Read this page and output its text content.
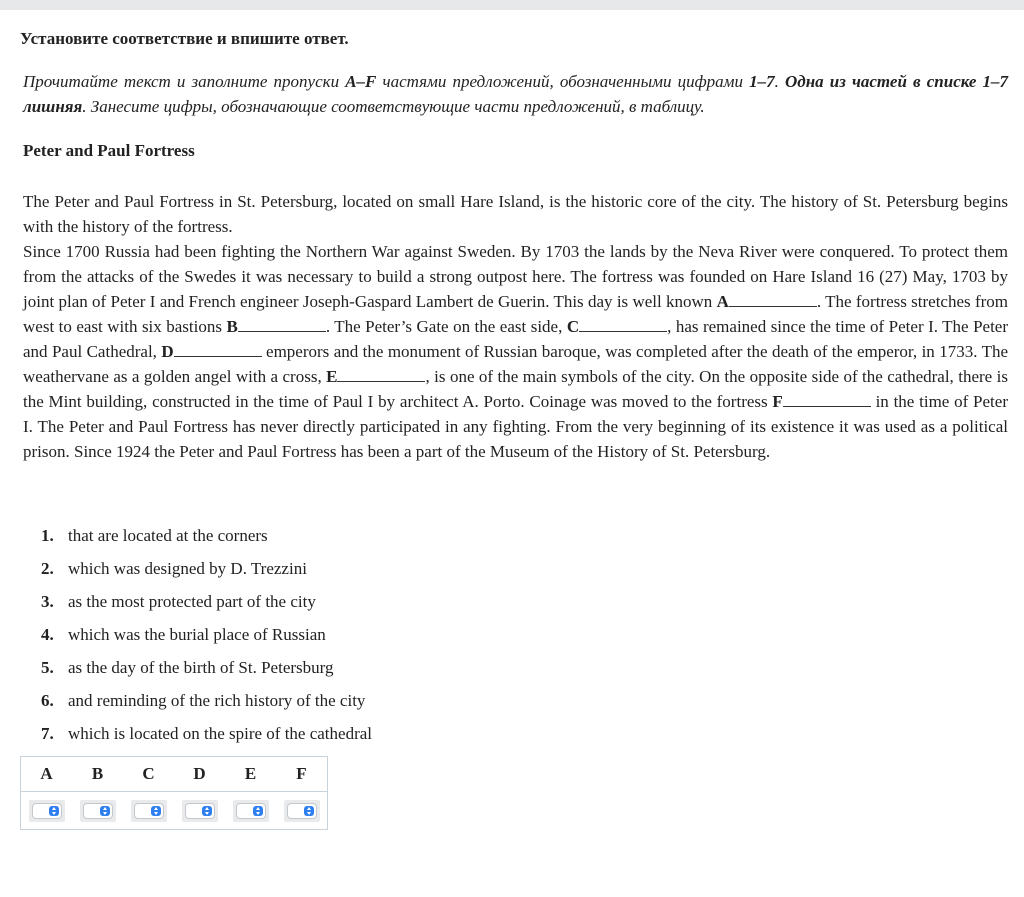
Установите соответствие и впишите ответ.
Прочитайте текст и заполните пропуски A–F частями предложений, обозначенными цифрами 1–7. Одна из частей в списке 1–7 лишняя. Занесите цифры, обозначающие соответствующие части предложений, в таблицу.
Peter and Paul Fortress

The Peter and Paul Fortress in St. Petersburg, located on small Hare Island, is the historic core of the city. The history of St. Petersburg begins with the history of the fortress.

Since 1700 Russia had been fighting the Northern War against Sweden. By 1703 the lands by the Neva River were conquered. To protect them from the attacks of the Swedes it was necessary to build a strong outpost here. The fortress was founded on Hare Island 16 (27) May, 1703 by joint plan of Peter I and French engineer Joseph-Gaspard Lambert de Guerin. This day is well known A	. The fortress stretches from west to east with six bastions B	. The Peter’s Gate on the east side, C	, has remained since the time of Peter I. The Peter and Paul Cathedral, D	emperors and the monument of Russian baroque, was completed after the death of the emperor, in 1733. The weathervane as a golden angel with a cross, E	, is one of the main symbols of the city. On the opposite side of the cathedral, there is the Mint building, constructed in the time of Paul I by architect A. Porto. Coinage was moved to the fortress F	in the time of Peter I. The Peter and Paul Fortress has never directly participated in any fighting. From the very beginning of its existence it was used as a political prison. Since 1924 the Peter and Paul Fortress has been a part of the Museum of the History of St. Petersburg.

1. that are located at the corners
2. which was designed by D. Trezzini
3. as the most protected part of the city
4. which was the burial place of Russian
5. as the day of the birth of St. Petersburg
6. and reminding of the rich history of the city
7. which is located on the spire of the cathedral
A	B	C	D	E	F
